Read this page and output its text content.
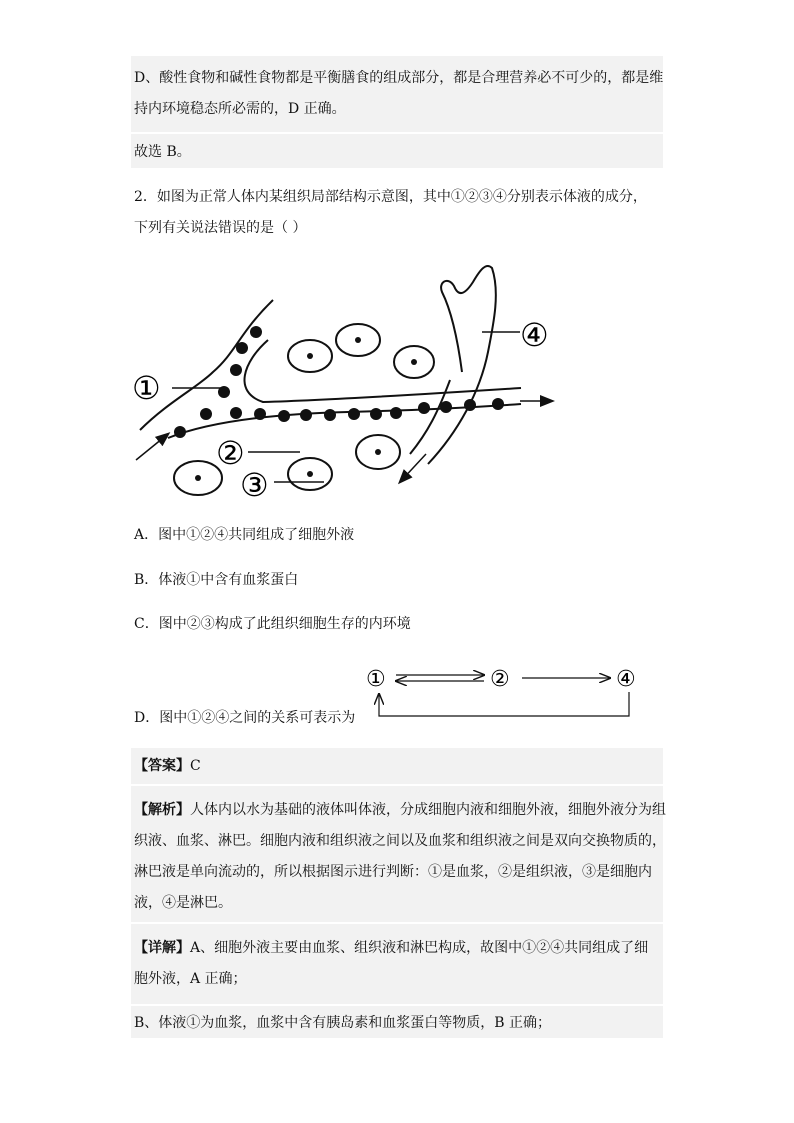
D、酸性食物和碱性食物都是平衡膳食的组成部分，都是合理营养必不可少的，都是维
持内环境稳态所必需的，D 正确。
故选 B。
2．如图为正常人体内某组织局部结构示意图，其中①②③④分别表示体液的成分，
下列有关说法错误的是（ ）
①
②
③
④
A．图中①②④共同组成了细胞外液
B．体液①中含有血浆蛋白
C．图中②③构成了此组织细胞生存的内环境
D．图中①②④之间的关系可表示为
①	②	④
【答案】C
【解析】人体内以水为基础的液体叫体液，分成细胞内液和细胞外液，细胞外液分为组
织液、血浆、淋巴。细胞内液和组织液之间以及血浆和组织液之间是双向交换物质的，
淋巴液是单向流动的，所以根据图示进行判断：①是血浆，②是组织液，③是细胞内
液，④是淋巴。
【详解】A、细胞外液主要由血浆、组织液和淋巴构成，故图中①②④共同组成了细
胞外液，A 正确；
B、体液①为血浆，血浆中含有胰岛素和血浆蛋白等物质，B 正确；
